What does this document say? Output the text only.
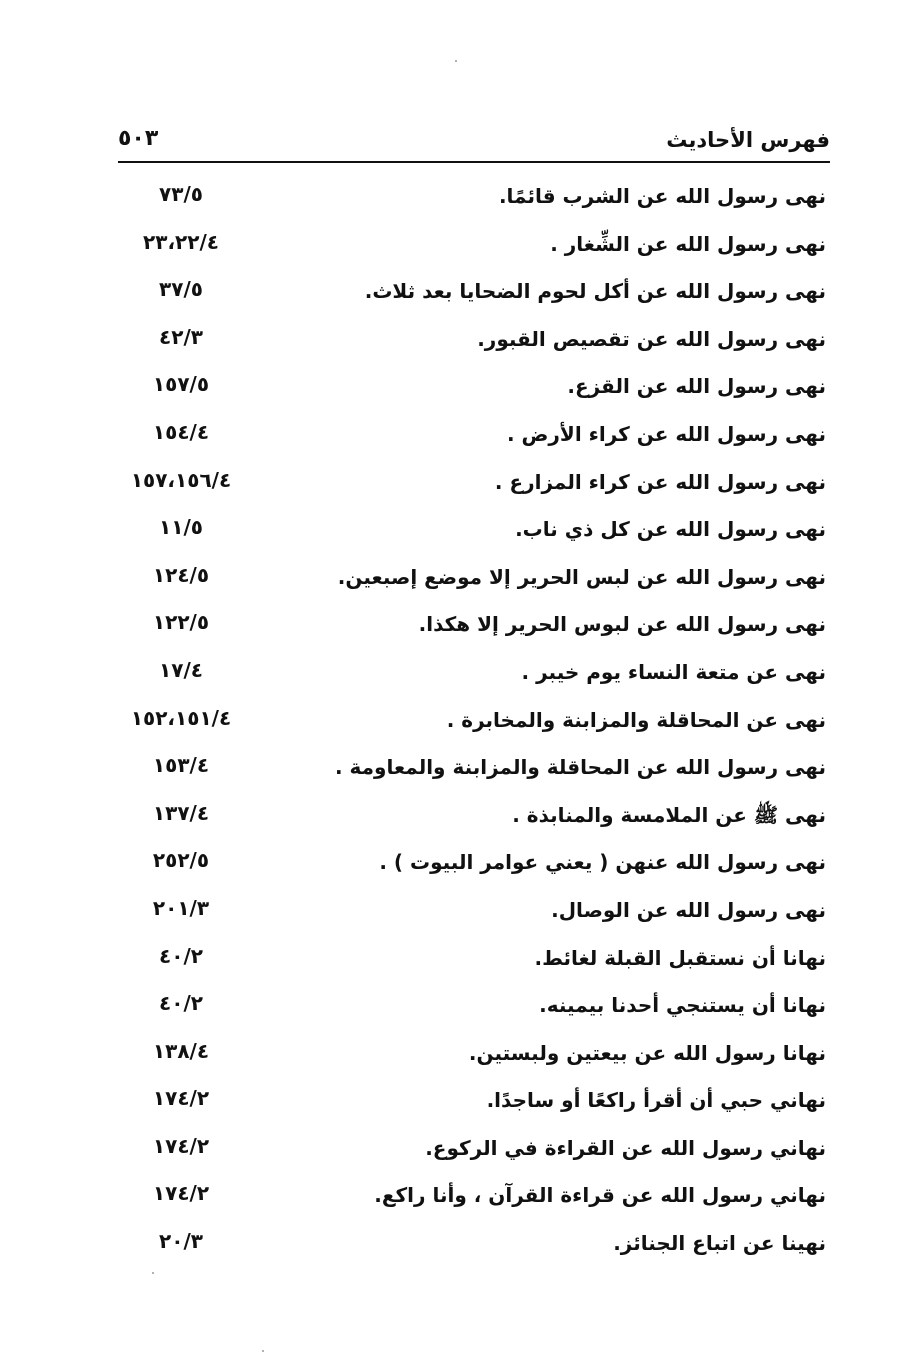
فهرس الأحاديث
٥٠٣
نهى رسول الله عن الشرب قائمًا.
٧٣/٥
نهى رسول الله عن الشِّغار .
٢٣،٢٢/٤
نهى رسول الله عن أكل لحوم الضحايا بعد ثلاث.
٣٧/٥
نهى رسول الله عن تقصيص القبور.
٤٢/٣
نهى رسول الله عن القزع.
١٥٧/٥
نهى رسول الله عن كراء الأرض .
١٥٤/٤
نهى رسول الله عن كراء المزارع .
١٥٧،١٥٦/٤
نهى رسول الله عن كل ذي ناب.
١١/٥
نهى رسول الله عن لبس الحرير إلا موضع إصبعين.
١٢٤/٥
نهى رسول الله عن لبوس الحرير إلا هكذا.
١٢٢/٥
نهى عن متعة النساء يوم خيبر .
١٧/٤
نهى عن المحاقلة والمزابنة والمخابرة .
١٥٢،١٥١/٤
نهى رسول الله عن المحاقلة والمزابنة والمعاومة .
١٥٣/٤
نهى ﷺ عن الملامسة والمنابذة .
١٣٧/٤
نهى رسول الله عنهن ( يعني عوامر البيوت ) .
٢٥٢/٥
نهى رسول الله عن الوصال.
٢٠١/٣
نهانا أن نستقبل القبلة لغائط.
٤٠/٢
نهانا أن يستنجي أحدنا بيمينه.
٤٠/٢
نهانا رسول الله عن بيعتين ولبستين.
١٣٨/٤
نهاني حبي أن أقرأ راكعًا أو ساجدًا.
١٧٤/٢
نهاني رسول الله عن القراءة في الركوع.
١٧٤/٢
نهاني رسول الله عن قراءة القرآن ، وأنا راكع.
١٧٤/٢
نهينا عن اتباع الجنائز.
٢٠/٣
